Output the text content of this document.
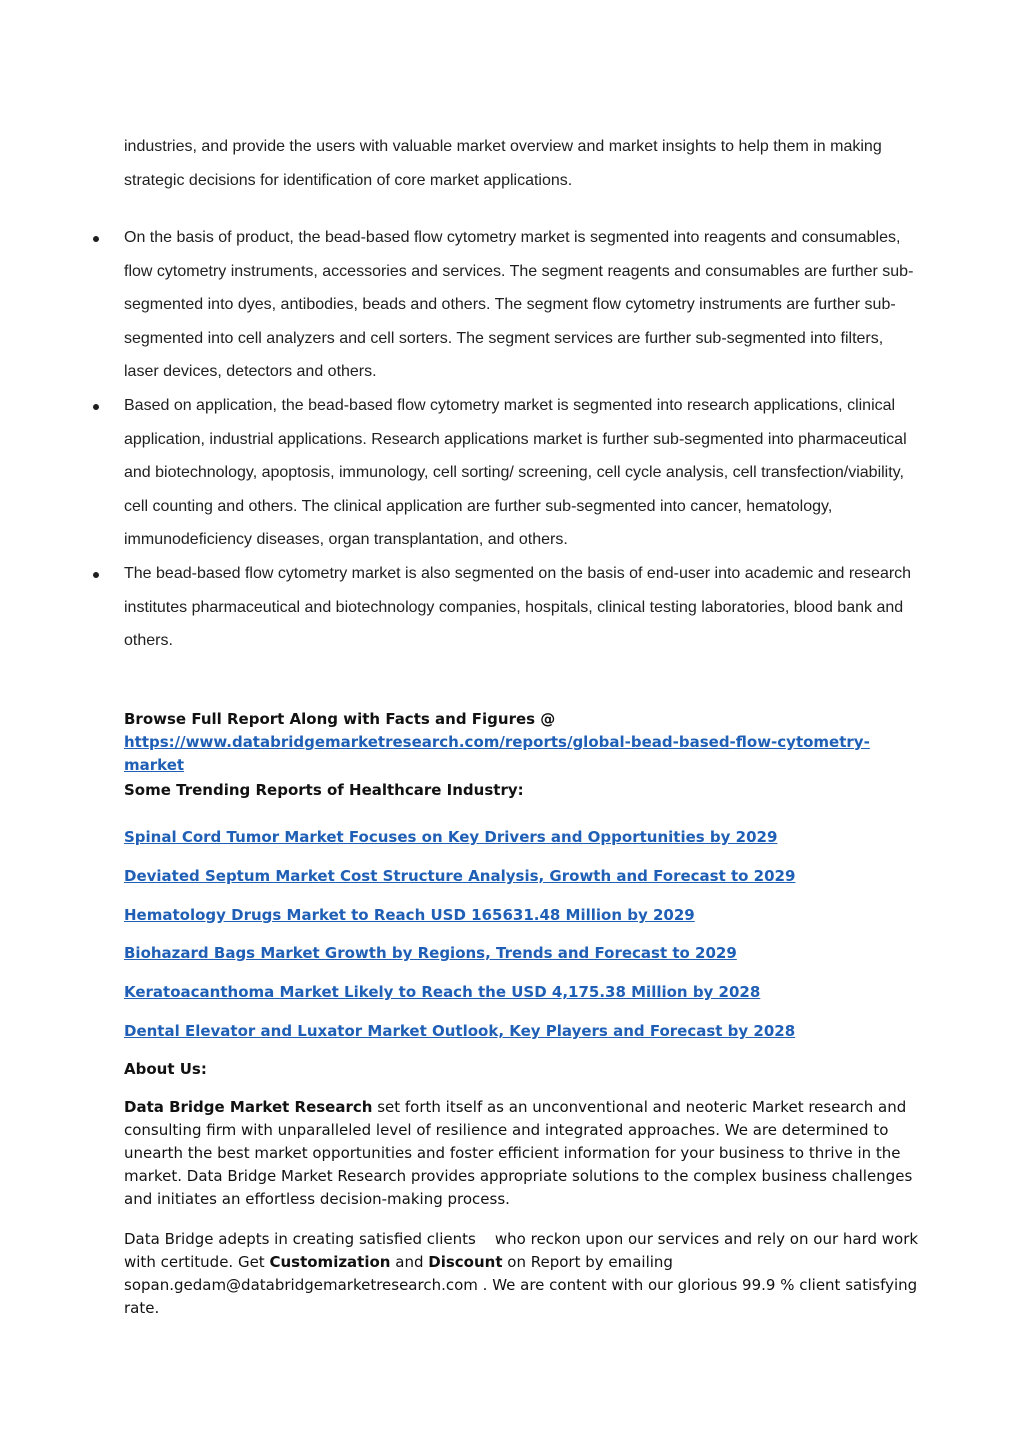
industries, and provide the users with valuable market overview and market insights to help them in making strategic decisions for identification of core market applications.

On the basis of product, the bead-based flow cytometry market is segmented into reagents and consumables, flow cytometry instruments, accessories and services. The segment reagents and consumables are further sub-segmented into dyes, antibodies, beads and others. The segment flow cytometry instruments are further sub-segmented into cell analyzers and cell sorters. The segment services are further sub-segmented into filters, laser devices, detectors and others.
Based on application, the bead-based flow cytometry market is segmented into research applications, clinical application, industrial applications. Research applications market is further sub-segmented into pharmaceutical and biotechnology, apoptosis, immunology, cell sorting/ screening, cell cycle analysis, cell transfection/viability, cell counting and others. The clinical application are further sub-segmented into cancer, hematology, immunodeficiency diseases, organ transplantation, and others.
The bead-based flow cytometry market is also segmented on the basis of end-user into academic and research institutes pharmaceutical and biotechnology companies, hospitals, clinical testing laboratories, blood bank and others.
Browse Full Report Along with Facts and Figures @
https://www.databridgemarketresearch.com/reports/global-bead-based-flow-cytometry-market
Some Trending Reports of Healthcare Industry:
Spinal Cord Tumor Market Focuses on Key Drivers and Opportunities by 2029
Deviated Septum Market Cost Structure Analysis, Growth and Forecast to 2029
Hematology Drugs Market to Reach USD 165631.48 Million by 2029
Biohazard Bags Market Growth by Regions, Trends and Forecast to 2029
Keratoacanthoma Market Likely to Reach the USD 4,175.38 Million by 2028
Dental Elevator and Luxator Market Outlook, Key Players and Forecast by 2028
About Us:

Data Bridge Market Research set forth itself as an unconventional and neoteric Market research and consulting firm with unparalleled level of resilience and integrated approaches. We are determined to unearth the best market opportunities and foster efficient information for your business to thrive in the market. Data Bridge Market Research provides appropriate solutions to the complex business challenges and initiates an effortless decision-making process.

Data Bridge adepts in creating satisfied clients    who reckon upon our services and rely on our hard work with certitude. Get Customization and Discount on Report by emailing sopan.gedam@databridgemarketresearch.com . We are content with our glorious 99.9 % client satisfying rate.
